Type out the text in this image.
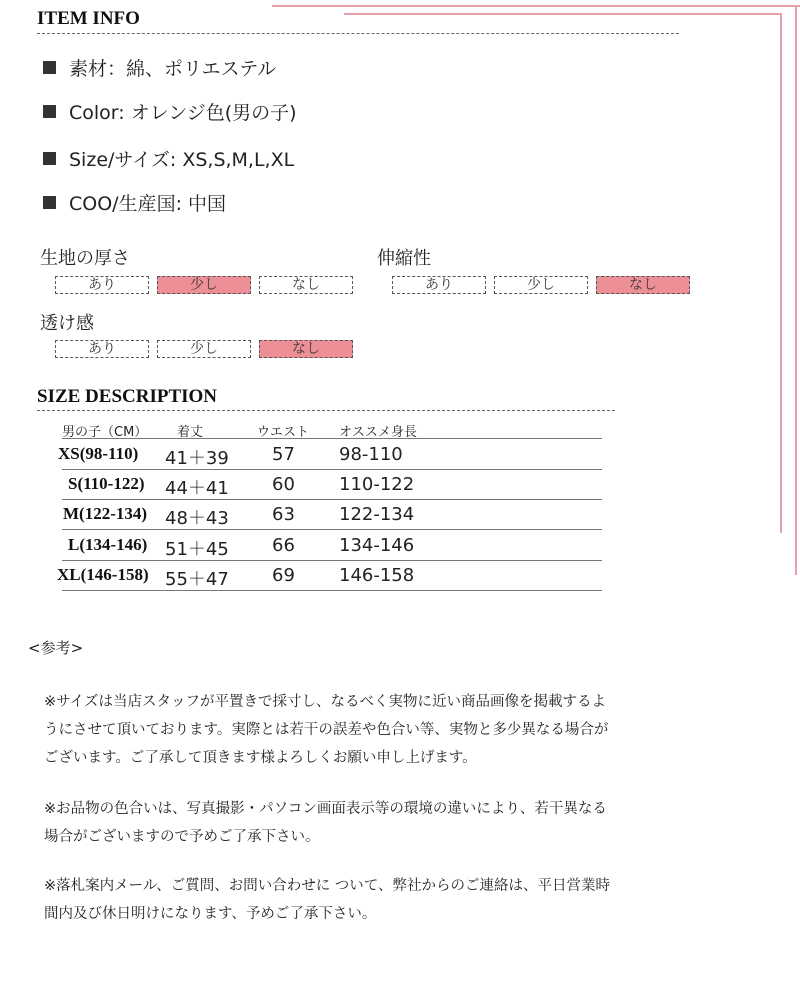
ITEM INFO
素材：綿、ポリエステル
Color: オレンジ色(男の子)
Size/サイズ: XS,S,M,L,XL
COO/生産国: 中国
生地の厚さ
あり	少し	なし
伸縮性
あり	少し	なし
透け感
あり	少し	なし
SIZE DESCRIPTION
男の子（CM） 着丈	ウエスト オススメ身長
XS(98-110) 41＋39 57 98-110
S(110-122) 44＋41 60 110-122
M(122-134) 48＋43 63 122-134
L(134-146) 51＋45 66 134-146
XL(146-158) 55＋47 69 146-158
<参考>
※サイズは当店スタッフが平置きで採寸し、なるべく実物に近い商品画像を掲載するよ
うにさせて頂いております。実際とは若干の誤差や色合い等、実物と多少異なる場合が
ございます。ご了承して頂きます様よろしくお願い申し上げます。
※お品物の色合いは、写真撮影・パソコン画面表示等の環境の違いにより、若干異なる
場合がございますので予めご了承下さい。
※落札案内メール、ご質問、お問い合わせに ついて、弊社からのご連絡は、平日営業時
間内及び休日明けになります、予めご了承下さい。
